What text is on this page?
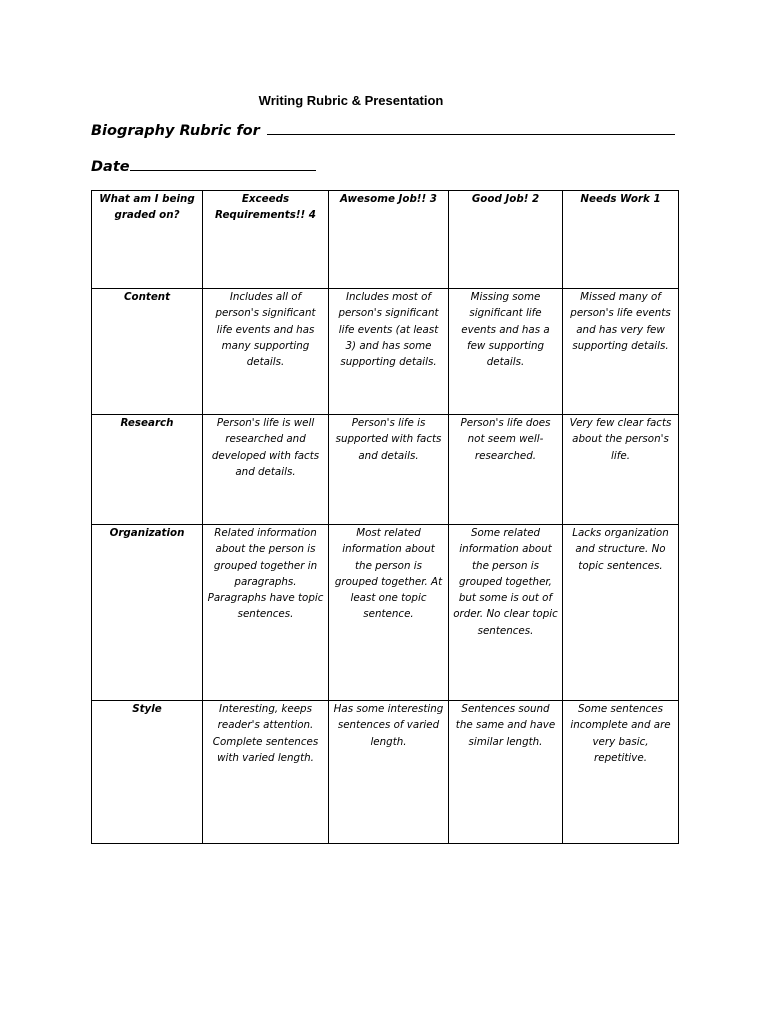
Writing Rubric & Presentation
Biography Rubric for
Date
What am I being graded on?	Exceeds Requirements!! 4	Awesome Job!! 3	Good Job! 2	Needs Work 1
Content	Includes all of person's significant life events and has many supporting details.	Includes most of person's significant life events (at least 3) and has some supporting details.	Missing some significant life events and has a few supporting details.	Missed many of person's life events and has very few supporting details.
Research	Person's life is well researched and developed with facts and details.	Person's life is supported with facts and details.	Person's life does not seem well-researched.	Very few clear facts about the person's life.
Organization	Related information about the person is grouped together in paragraphs. Paragraphs have topic sentences.	Most related information about the person is grouped together. At least one topic sentence.	Some related information about the person is grouped together, but some is out of order. No clear topic sentences.	Lacks organization and structure. No topic sentences.
Style	Interesting, keeps reader's attention. Complete sentences with varied length.	Has some interesting sentences of varied length.	Sentences sound the same and have similar length.	Some sentences incomplete and are very basic, repetitive.
